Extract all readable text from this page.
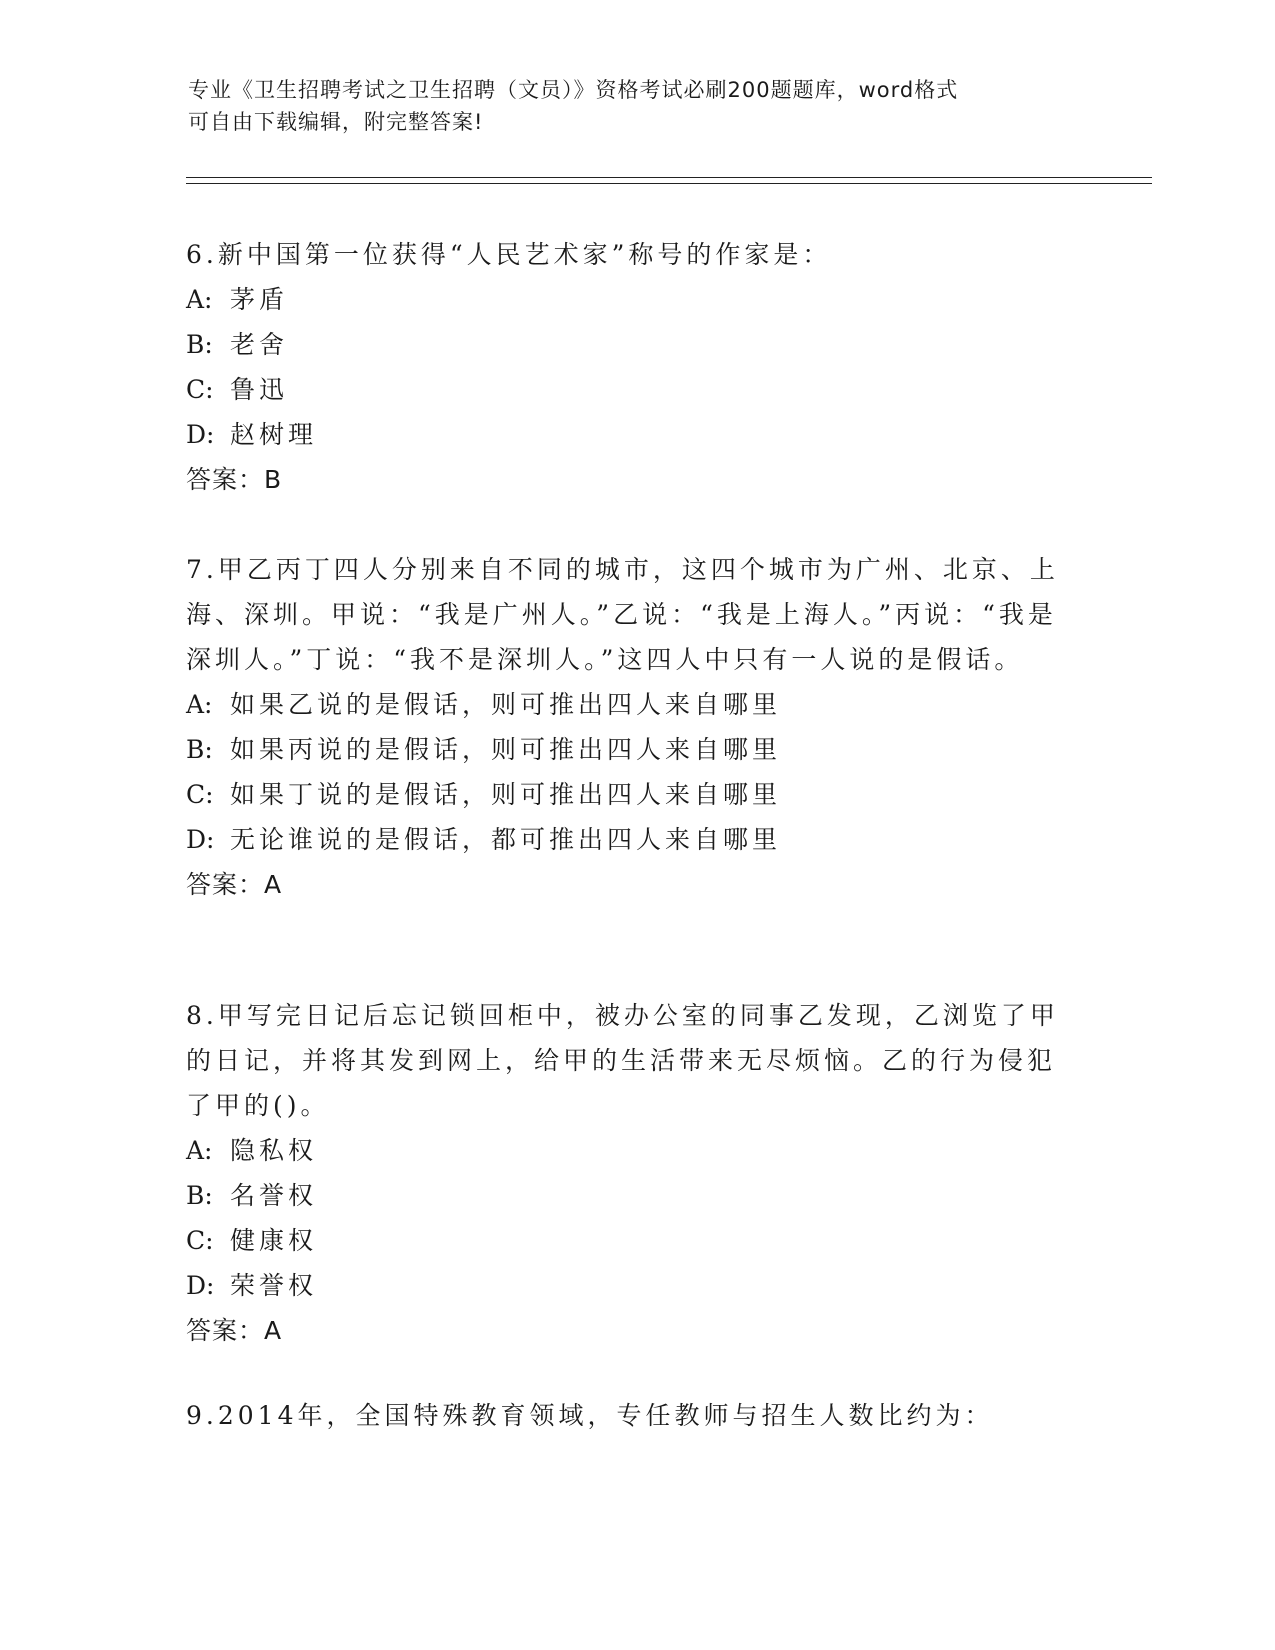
专业《卫生招聘考试之卫生招聘（文员）》资格考试必刷200题题库，word格式
可自由下载编辑，附完整答案!

6.新中国第一位获得“人民艺术家”称号的作家是：

A: 茅盾

B: 老舍

C: 鲁迅

D: 赵树理

答案：B

7.甲乙丙丁四人分别来自不同的城市，这四个城市为广州、北京、上海、深圳。甲说：“我是广州人。”乙说：“我是上海人。”丙说：“我是深圳人。”丁说：“我不是深圳人。”这四人中只有一人说的是假话。

A: 如果乙说的是假话，则可推出四人来自哪里

B: 如果丙说的是假话，则可推出四人来自哪里

C: 如果丁说的是假话，则可推出四人来自哪里

D: 无论谁说的是假话，都可推出四人来自哪里

答案：A

8.甲写完日记后忘记锁回柜中，被办公室的同事乙发现，乙浏览了甲的日记，并将其发到网上，给甲的生活带来无尽烦恼。乙的行为侵犯了甲的()。

A: 隐私权

B: 名誉权

C: 健康权

D: 荣誉权

答案：A

9.2014年，全国特殊教育领域，专任教师与招生人数比约为：
